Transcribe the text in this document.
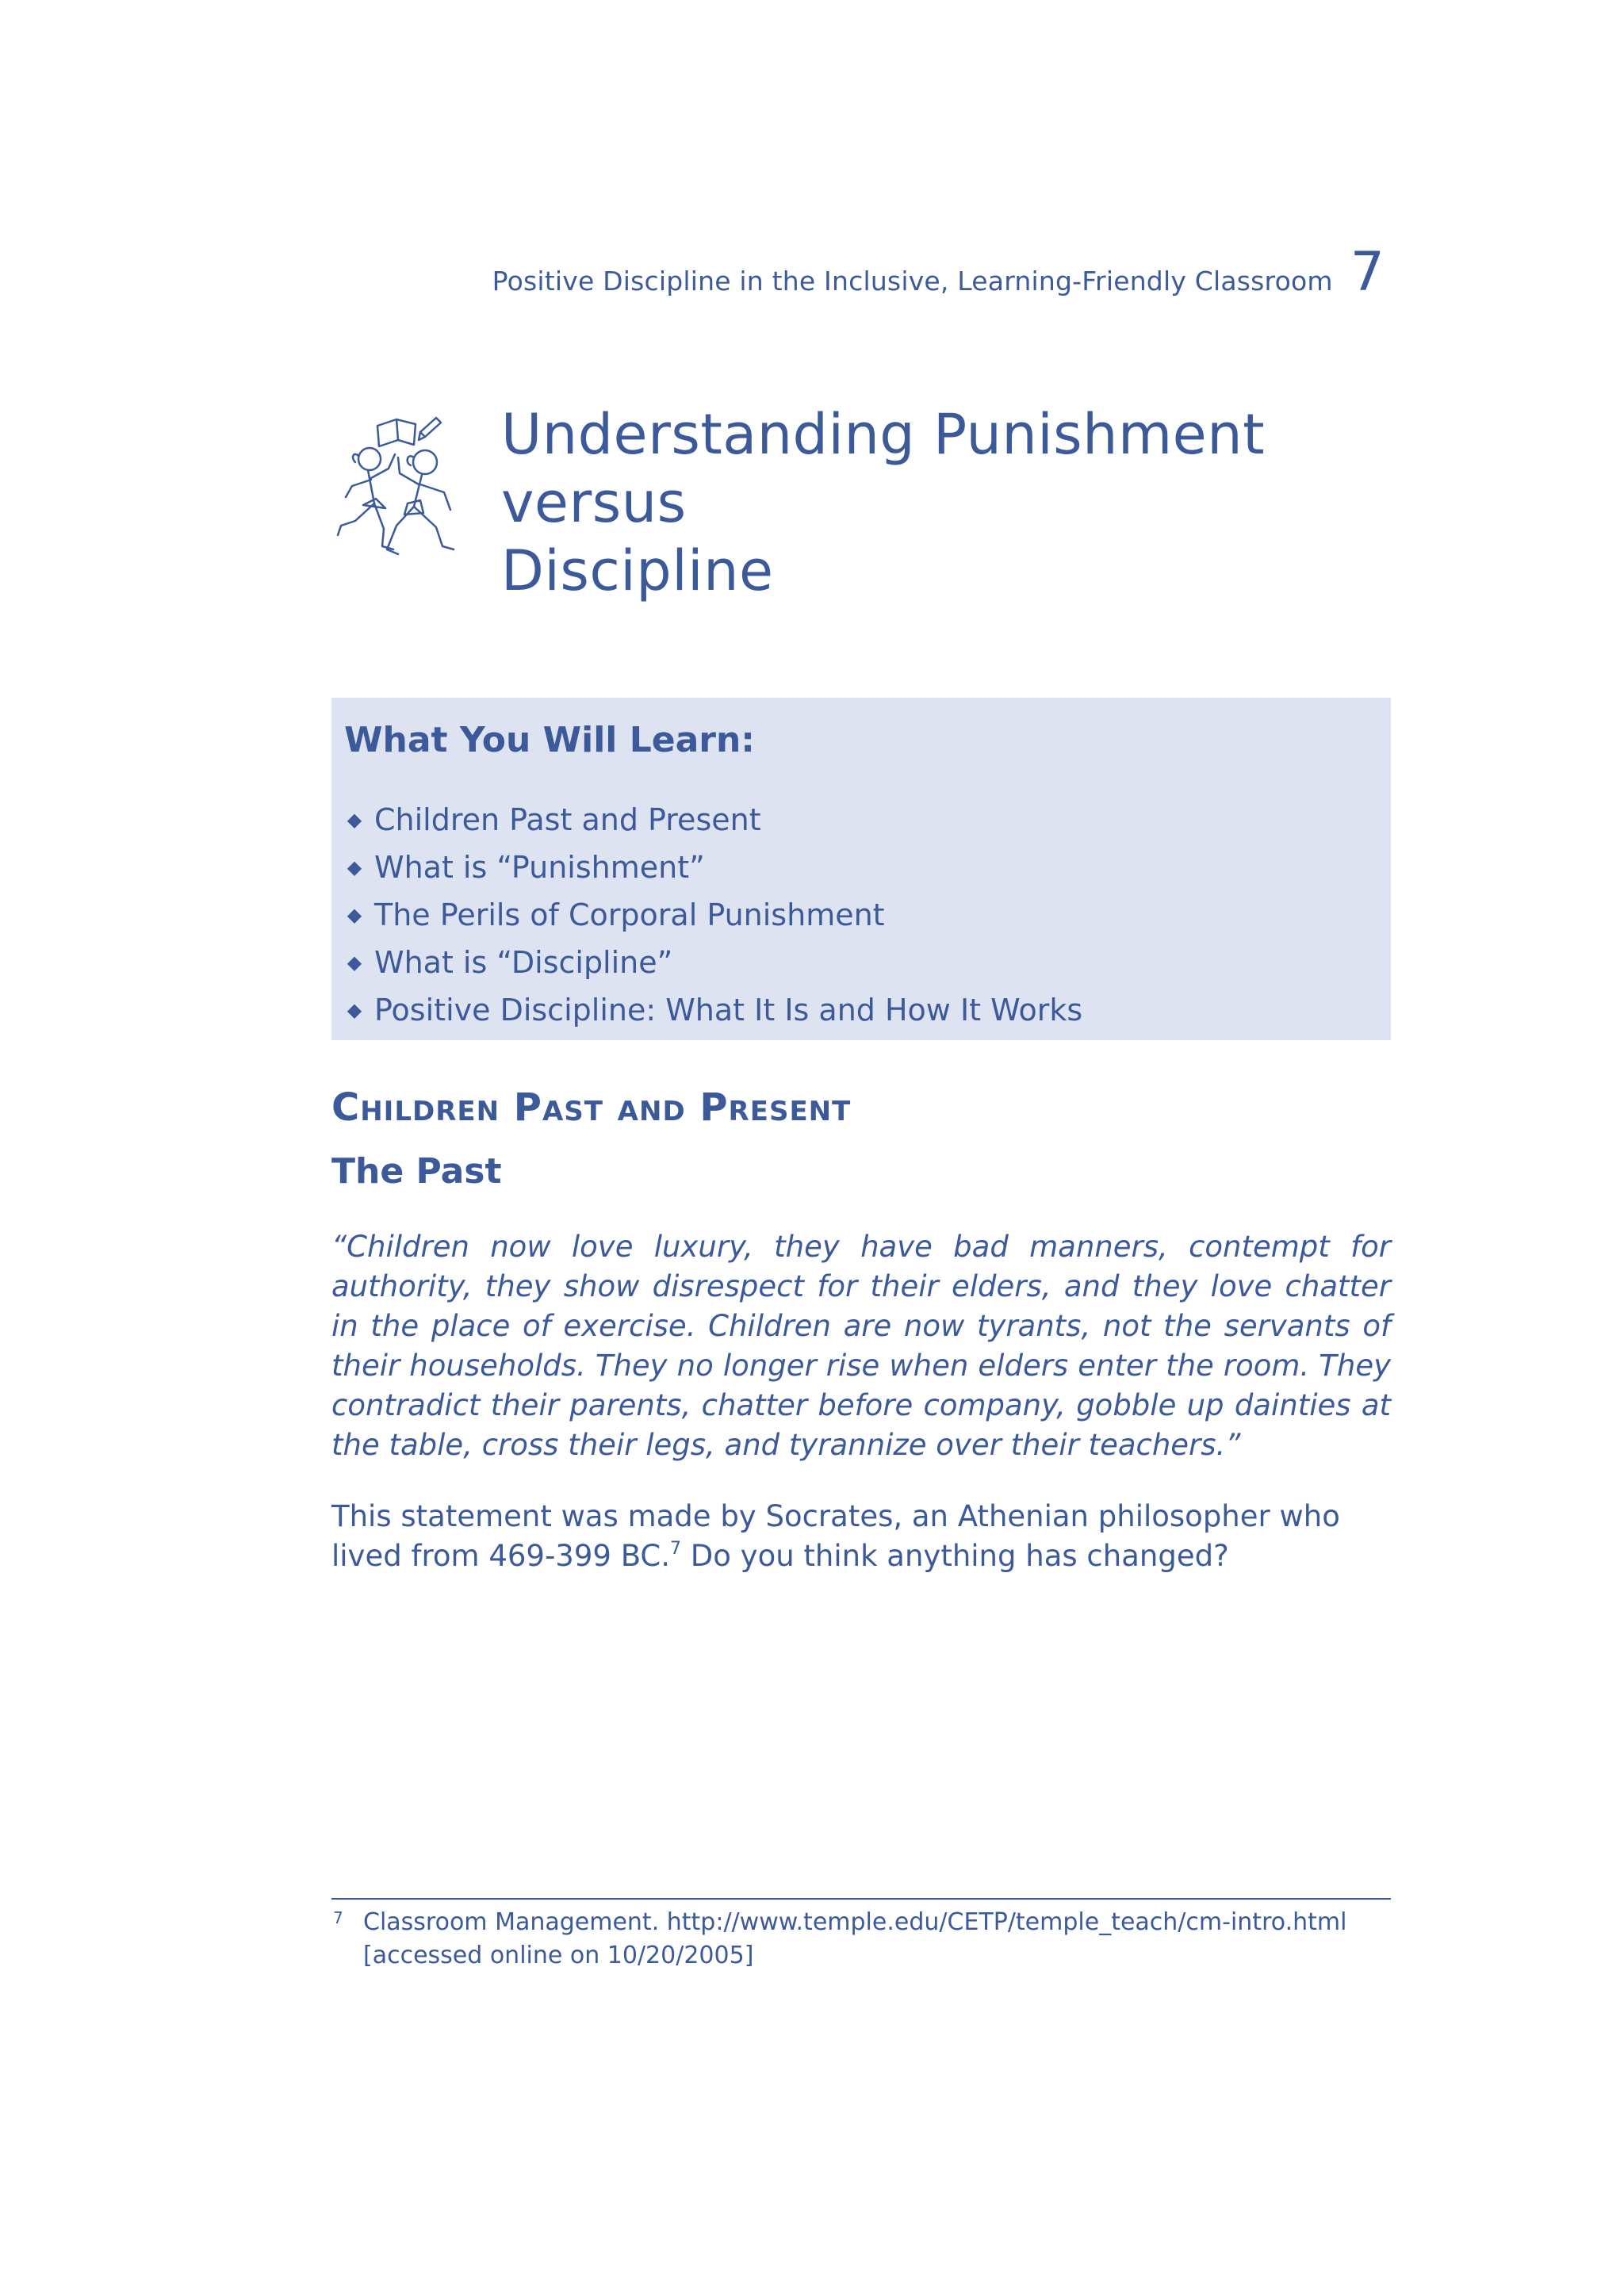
Positive Discipline in the Inclusive, Learning-Friendly Classroom 7
Understanding Punishment versus
Discipline
What You Will Learn:
◆ Children Past and Present
◆ What is “Punishment”
◆ The Perils of Corporal Punishment
◆ What is “Discipline”
◆ Positive Discipline: What It Is and How It Works
Children Past and Present
The Past

“Children now love luxury, they have bad manners, contempt for authority, they show disrespect for their elders, and they love chatter in the place of exercise. Children are now tyrants, not the servants of their households. They no longer rise when elders enter the room. They contradict their parents, chatter before company, gobble up dainties at the table, cross their legs, and tyrannize over their teachers.”

This statement was made by Socrates, an Athenian philosopher who lived from 469-399 BC.$^7$ Do you think anything has changed?

7 Classroom Management. http://www.temple.edu/CETP/temple_teach/cm-intro.html
[accessed online on 10/20/2005]
